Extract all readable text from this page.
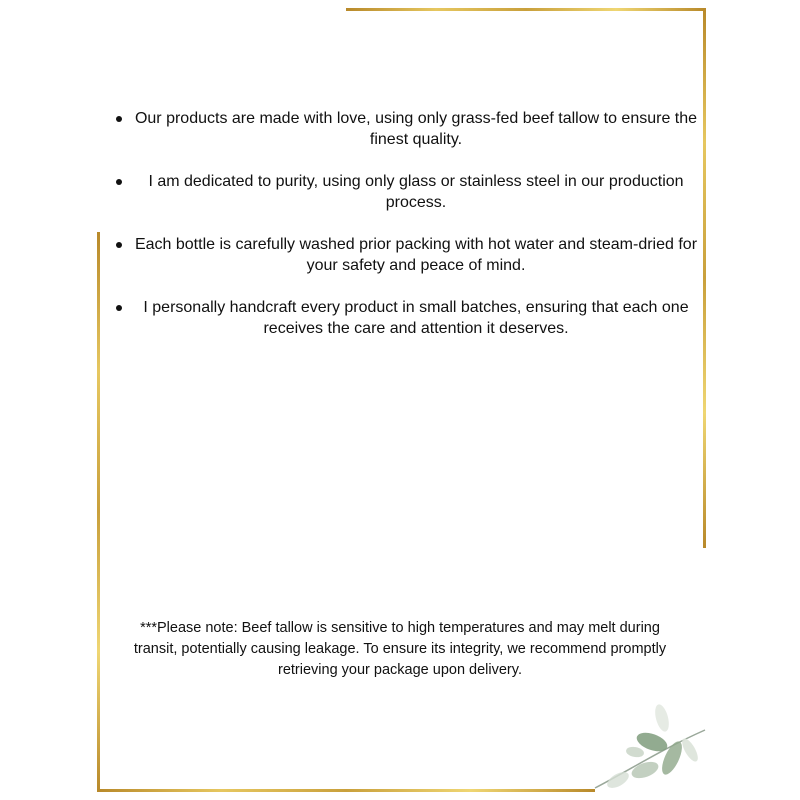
Our products are made with love, using only grass-fed beef tallow to ensure the finest quality.
I am dedicated to purity, using only glass or stainless steel in our production process.
Each bottle is carefully washed prior packing with hot water and steam-dried for your safety and peace of mind.
I personally handcraft every product in small batches, ensuring that each one receives the care and attention it deserves.
***Please note: Beef tallow is sensitive to high temperatures and may melt during transit, potentially causing leakage. To ensure its integrity, we recommend promptly retrieving your package upon delivery.
